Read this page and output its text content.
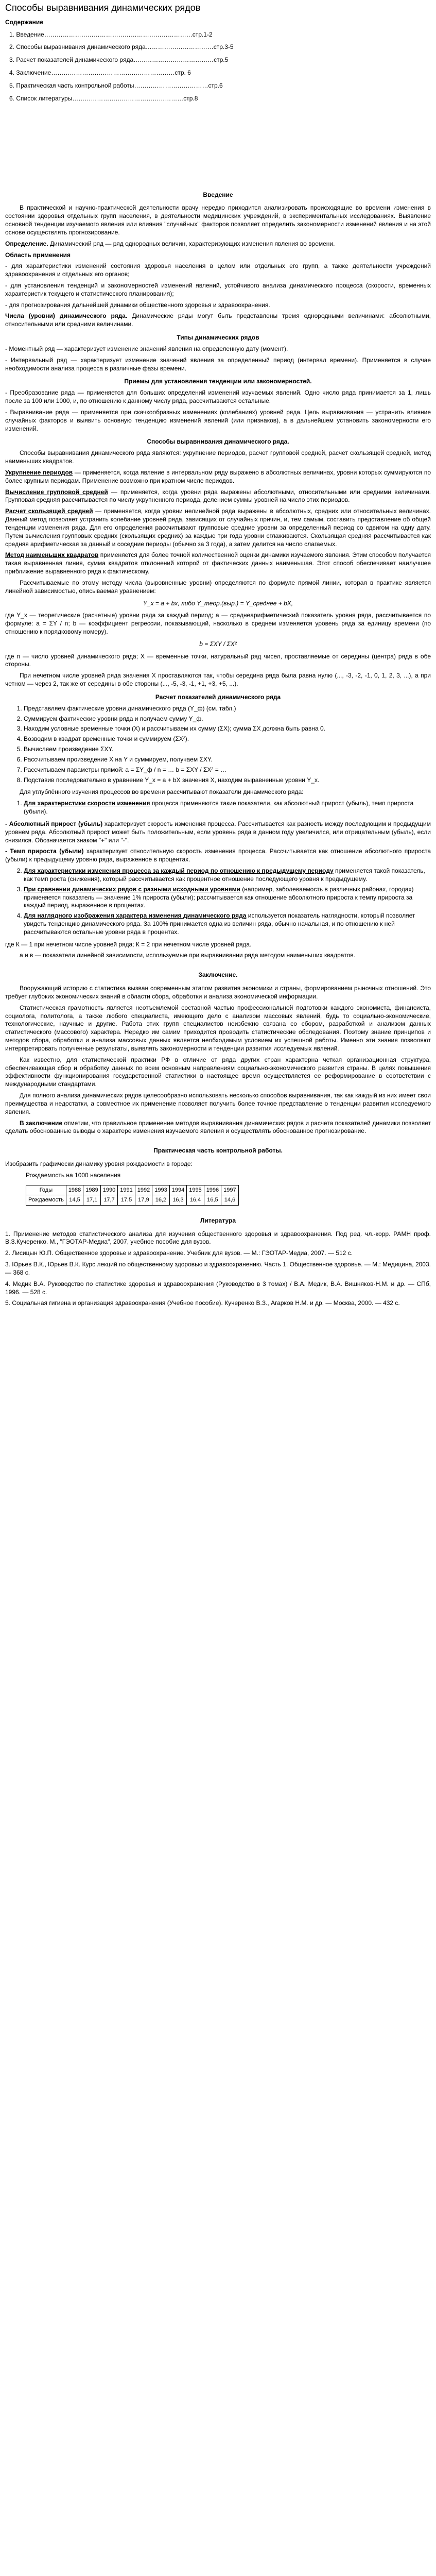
Способы выравнивания динамических рядов
Содержание
1. Введение………………………………………………………………стр.1-2
2. Способы выравнивания динамического ряда……………………………стр.3-5
3. Расчет показателей динамического ряда…………………………………стр.5
4. Заключение……………………………………………………стр. 6
5. Практическая часть контрольной работы………………………………стр.6
6. Список литературы………………………………………………стр.8
Введение

В практической и научно-практической деятельности врачу нередко приходится анализировать происходящие во времени изменения в состоянии здоровья отдельных групп населения, в деятельности медицинских учреждений, в экспериментальных исследованиях. Выявление основной тенденции изучаемого явления или влияния "случайных" факторов позволяет определить закономерности изменений явления и на этой основе осуществлять прогнозирование.

Определение. Динамический ряд — ряд однородных величин, характеризующих изменения явления во времени.

Область применения

- для характеристики изменений состояния здоровья населения в целом или отдельных его групп, а также деятельности учреждений здравоохранения и отдельных его органов;

- для установления тенденций и закономерностей изменений явлений, устойчивого анализа динамического процесса (скорости, временных характеристик текущего и статистического планирования);

- для прогнозирования дальнейшей динамики общественного здоровья и здравоохранения.

Числа (уровни) динамического ряда. Динамические ряды могут быть представлены тремя однородными величинами: абсолютными, относительными или средними величинами.

Типы динамических рядов

- Моментный ряд — характеризует изменение значений явления на определенную дату (момент).

- Интервальный ряд — характеризует изменение значений явления за определенный период (интервал времени). Применяется в случае необходимости анализа процесса в различные фазы времени.

Приемы для установления тенденции или закономерностей.

- Преобразование ряда — применяется для больших определений изменений изучаемых явлений. Одно число ряда принимается за 1, лишь после за 100 или 1000, и, по отношению к данному числу ряда, рассчитываются остальные.

- Выравнивание ряда — применяется при скачкообразных изменениях (колебаниях) уровней ряда. Цель выравнивания — устранить влияние случайных факторов и выявить основную тенденцию изменений явлений (или признаков), а в дальнейшем установить закономерности его изменений.

Способы выравнивания динамического ряда.

Способы выравнивания динамического ряда являются: укрупнение периодов, расчет групповой средней, расчет скользящей средней, метод наименьших квадратов.

Укрупнение периодов — применяется, когда явление в интервальном ряду выражено в абсолютных величинах, уровни которых суммируются по более крупным периодам. Применение возможно при кратном числе периодов.

Вычисление групповой средней — применяется, когда уровни ряда выражены абсолютными, относительными или средними величинами. Групповая средняя рассчитывается по числу укрупненного периода, делением суммы уровней на число этих периодов.

Расчет скользящей средней — применяется, когда уровни нелинейной ряда выражены в абсолютных, средних или относительных величинах. Данный метод позволяет устранить колебание уровней ряда, зависящих от случайных причин, и, тем самым, составить представление об общей тенденции изменения ряда. Для его определения рассчитывают групповые средние уровни за определенный период со сдвигом на одну дату. Путем вычисления групповых средних (скользящих средних) за каждые три года уровни сглаживаются. Скользящая средняя рассчитывается как средняя арифметическая за данный и соседние периоды (обычно за 3 года), а затем делится на число слагаемых.

Метод наименьших квадратов применяется для более точной количественной оценки динамики изучаемого явления. Этим способом получается такая выравненная линия, сумма квадратов отклонений которой от фактических данных наименьшая. Этот способ обеспечивает наилучшее приближение выравненного ряда к фактическому.

Рассчитываемые по этому методу числа (выровненные уровни) определяются по формуле прямой линии, которая в практике является линейной зависимостью, описываемая уравнением:

Y_x = a + bx, либо Y_теор.(выр.) = Y_среднее + bX,

где Y_x — теоретические (расчетные) уровни ряда за каждый период; a — среднеарифметический показатель уровня ряда, рассчитывается по формуле: a = ΣY / n; b — коэффициент регрессии, показывающий, насколько в среднем изменяется уровень ряда за единицу времени (по отношению к порядковому номеру).

b = ΣXY / ΣX²

где n — число уровней динамического ряда; X — временные точки, натуральный ряд чисел, проставляемые от середины (центра) ряда в обе стороны.

При нечетном числе уровней ряда значения X проставляются так, чтобы середина ряда была равна нулю (..., -3, -2, -1, 0, 1, 2, 3, ...), а при четном — через 2, так же от середины в обе стороны (..., -5, -3, -1, +1, +3, +5, ...).

Расчет показателей динамического ряда
1. Представляем фактические уровни динамического ряда (Y_ф) (см. табл.)
2. Суммируем фактические уровни ряда и получаем сумму Y_ф.
3. Находим условные временные точки (X) и рассчитываем их сумму (ΣX); сумма ΣX должна быть равна 0.
4. Возводим в квадрат временные точки и суммируем (ΣX²).
5. Вычисляем произведение ΣXY.
6. Рассчитываем произведение X на Y и суммируем, получаем ΣXY.
7. Рассчитываем параметры прямой: a = ΣY_ф / n = … b = ΣXY / ΣX² = …
8. Подставив последовательно в уравнение Y_x = a + bX значения X, находим выравненные уровни Y_x.

Для углублённого изучения процессов во времени рассчитывают показатели динамического ряда:

1. Для характеристики скорости изменения процесса применяются такие показатели, как абсолютный прирост (убыль), темп прироста (убыли).

- Абсолютный прирост (убыль) характеризует скорость изменения процесса. Рассчитывается как разность между последующим и предыдущим уровнем ряда. Абсолютный прирост может быть положительным, если уровень ряда в данном году увеличился, или отрицательным (убыль), если снизился. Обозначается знаком "+" или "-".

- Темп прироста (убыли) характеризует относительную скорость изменения процесса. Рассчитывается как отношение абсолютного прироста (убыли) к предыдущему уровню ряда, выраженное в процентах.

2. Для характеристики изменения процесса за каждый период по отношению к предыдущему периоду применяется такой показатель, как темп роста (снижения), который рассчитывается как процентное отношение последующего уровня к предыдущему.
3. При сравнении динамических рядов с разными исходными уровнями (например, заболеваемость в различных районах, городах) применяется показатель — значение 1% прироста (убыли); рассчитывается как отношение абсолютного прироста к темпу прироста за каждый период, выраженное в процентах.
4. Для наглядного изображения характера изменения динамического ряда используется показатель наглядности, который позволяет увидеть тенденцию динамического ряда. За 100% принимается одна из величин ряда, обычно начальная, и по отношению к ней рассчитываются остальные уровни ряда в процентах.

где К — 1 при нечетном числе уровней ряда; К = 2 при нечетном числе уровней ряда.

а и в — показатели линейной зависимости, используемые при выравнивании ряда методом наименьших квадратов.

Заключение.

Вооружающий историю с статистика вызван современным этапом развития экономики и страны, формированием рыночных отношений. Это требует глубоких экономических знаний в области сбора, обработки и анализа экономической информации.

Статистическая грамотность является неотъемлемой составной частью профессиональной подготовки каждого экономиста, финансиста, социолога, политолога, а также любого специалиста, имеющего дело с анализом массовых явлений, будь то социально-экономические, технологические, научные и другие. Работа этих групп специалистов неизбежно связана со сбором, разработкой и анализом данных статистического (массового) характера. Нередко им самим приходится проводить статистические обследования. Поэтому знание принципов и методов сбора, обработки и анализа массовых данных является необходимым условием их успешной работы. Именно эти знания позволяют интерпретировать полученные результаты, выявлять закономерности и тенденции развития исследуемых явлений.

Как известно, для статистической практики РФ в отличие от ряда других стран характерна четкая организационная структура, обеспечивающая сбор и обработку данных по всем основным направлениям социально-экономического развития страны. В целях повышения эффективности функционирования государственной статистики в настоящее время осуществляется ее реформирование в соответствии с международными стандартами.

Для полного анализа динамических рядов целесообразно использовать несколько способов выравнивания, так как каждый из них имеет свои преимущества и недостатки, а совместное их применение позволяет получить более точное представление о тенденции развития исследуемого явления.

В заключение отметим, что правильное применение методов выравнивания динамических рядов и расчета показателей динамики позволяет сделать обоснованные выводы о характере изменения изучаемого явления и осуществлять обоснованное прогнозирование.

Практическая часть контрольной работы.

Изобразить графически динамику уровня рождаемости в городе:

Рождаемость на 1000 населения

Годы	1988	1989	1990	1991	1992	1993	1994	1995	1996	1997
Рождаемость	14,5	17,1	17,7	17,5	17,9	16,2	16,3	16,4	16,5	14,6
Литература

1. Применение методов статистического анализа для изучения общественного здоровья и здравоохранения. Под ред. чл.-корр. РАМН проф. В.З.Кучеренко. М., "ГЭОТАР-Медиа", 2007, учебное пособие для вузов.

2. Лисицын Ю.П. Общественное здоровье и здравоохранение. Учебник для вузов. — М.: ГЭОТАР-Медиа, 2007. — 512 с.

3. Юрьев В.К., Юрьев В.К. Курс лекций по общественному здоровью и здравоохранению. Часть 1. Общественное здоровье. — М.: Медицина, 2003. — 368 с.

4. Медик В.А. Руководство по статистике здоровья и здравоохранения (Руководство в 3 томах) / В.А. Медик, В.А. Вишняков-Н.М. и др. — СПб, 1996. — 528 с.

5. Социальная гигиена и организация здравоохранения (Учебное пособие). Кучеренко В.З., Агарков Н.М. и др. — Москва, 2000. — 432 с.
